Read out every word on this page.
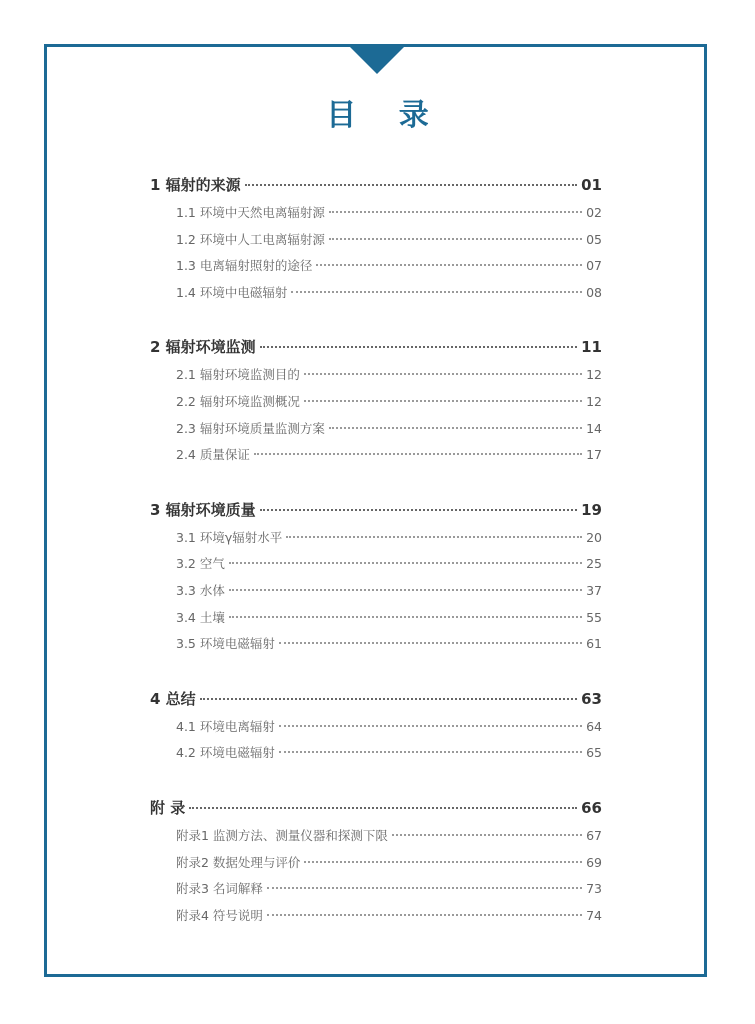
目 录
1 辐射的来源	01
1.1 环境中天然电离辐射源	02
1.2 环境中人工电离辐射源	05
1.3 电离辐射照射的途径	07
1.4 环境中电磁辐射	08
2 辐射环境监测	11
2.1 辐射环境监测目的	12
2.2 辐射环境监测概况	12
2.3 辐射环境质量监测方案	14
2.4 质量保证	17
3 辐射环境质量	19
3.1 环境γ辐射水平	20
3.2 空气	25
3.3 水体	37
3.4 土壤	55
3.5 环境电磁辐射	61
4 总结	63
4.1 环境电离辐射	64
4.2 环境电磁辐射	65
附 录	66
附录1 监测方法、测量仪器和探测下限	67
附录2 数据处理与评价	69
附录3 名词解释	73
附录4 符号说明	74
